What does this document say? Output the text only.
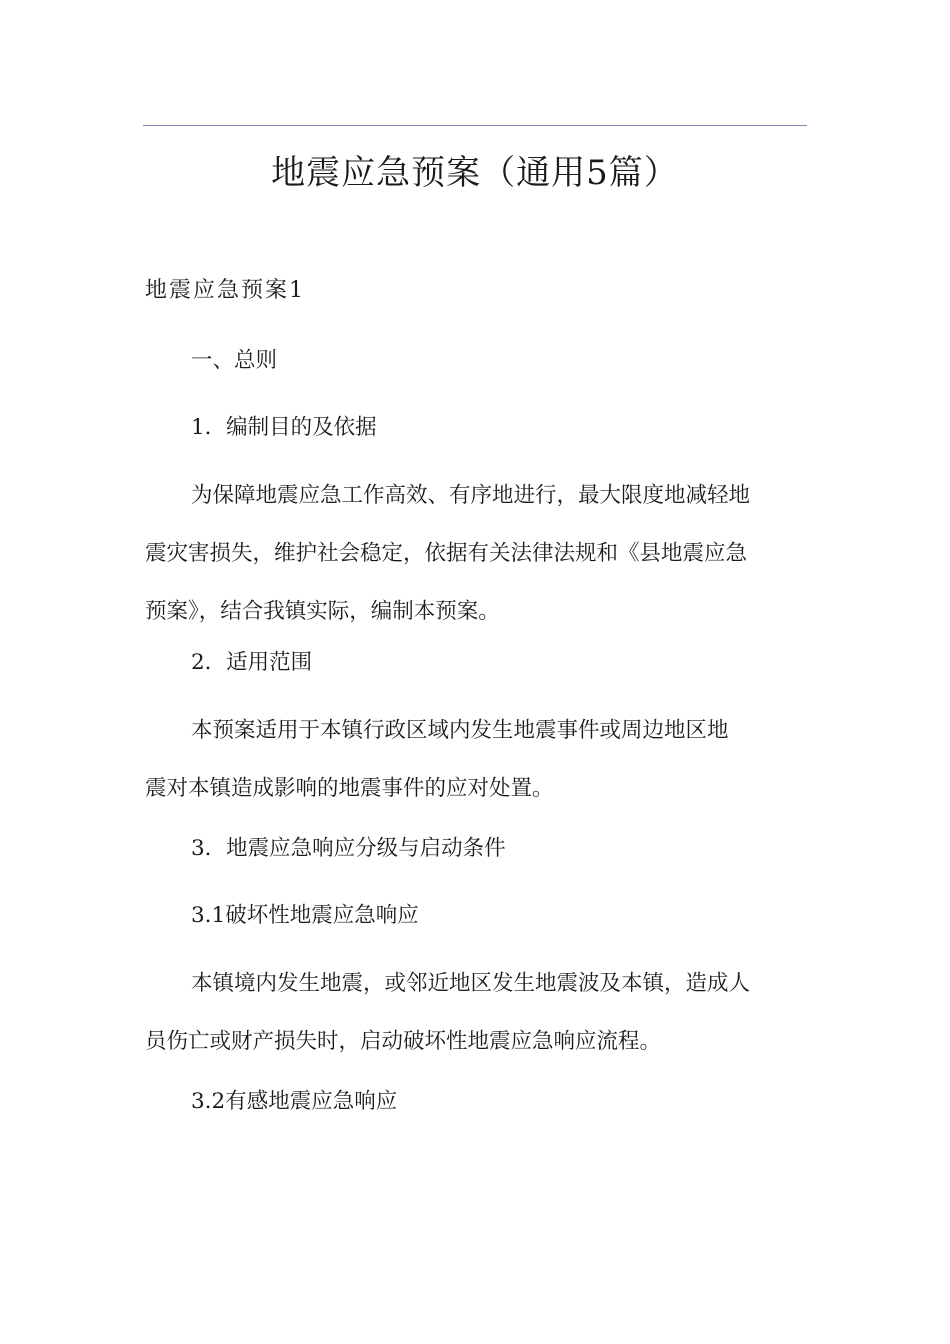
地震应急预案（通用5篇）
地震应急预案1
一、总则
1．编制目的及依据
为保障地震应急工作高效、有序地进行，最大限度地减轻地
震灾害损失，维护社会稳定，依据有关法律法规和《县地震应急
预案》，结合我镇实际，编制本预案。
2．适用范围
本预案适用于本镇行政区域内发生地震事件或周边地区地
震对本镇造成影响的地震事件的应对处置。
3．地震应急响应分级与启动条件
3.1破坏性地震应急响应
本镇境内发生地震，或邻近地区发生地震波及本镇，造成人
员伤亡或财产损失时，启动破坏性地震应急响应流程。
3.2有感地震应急响应
